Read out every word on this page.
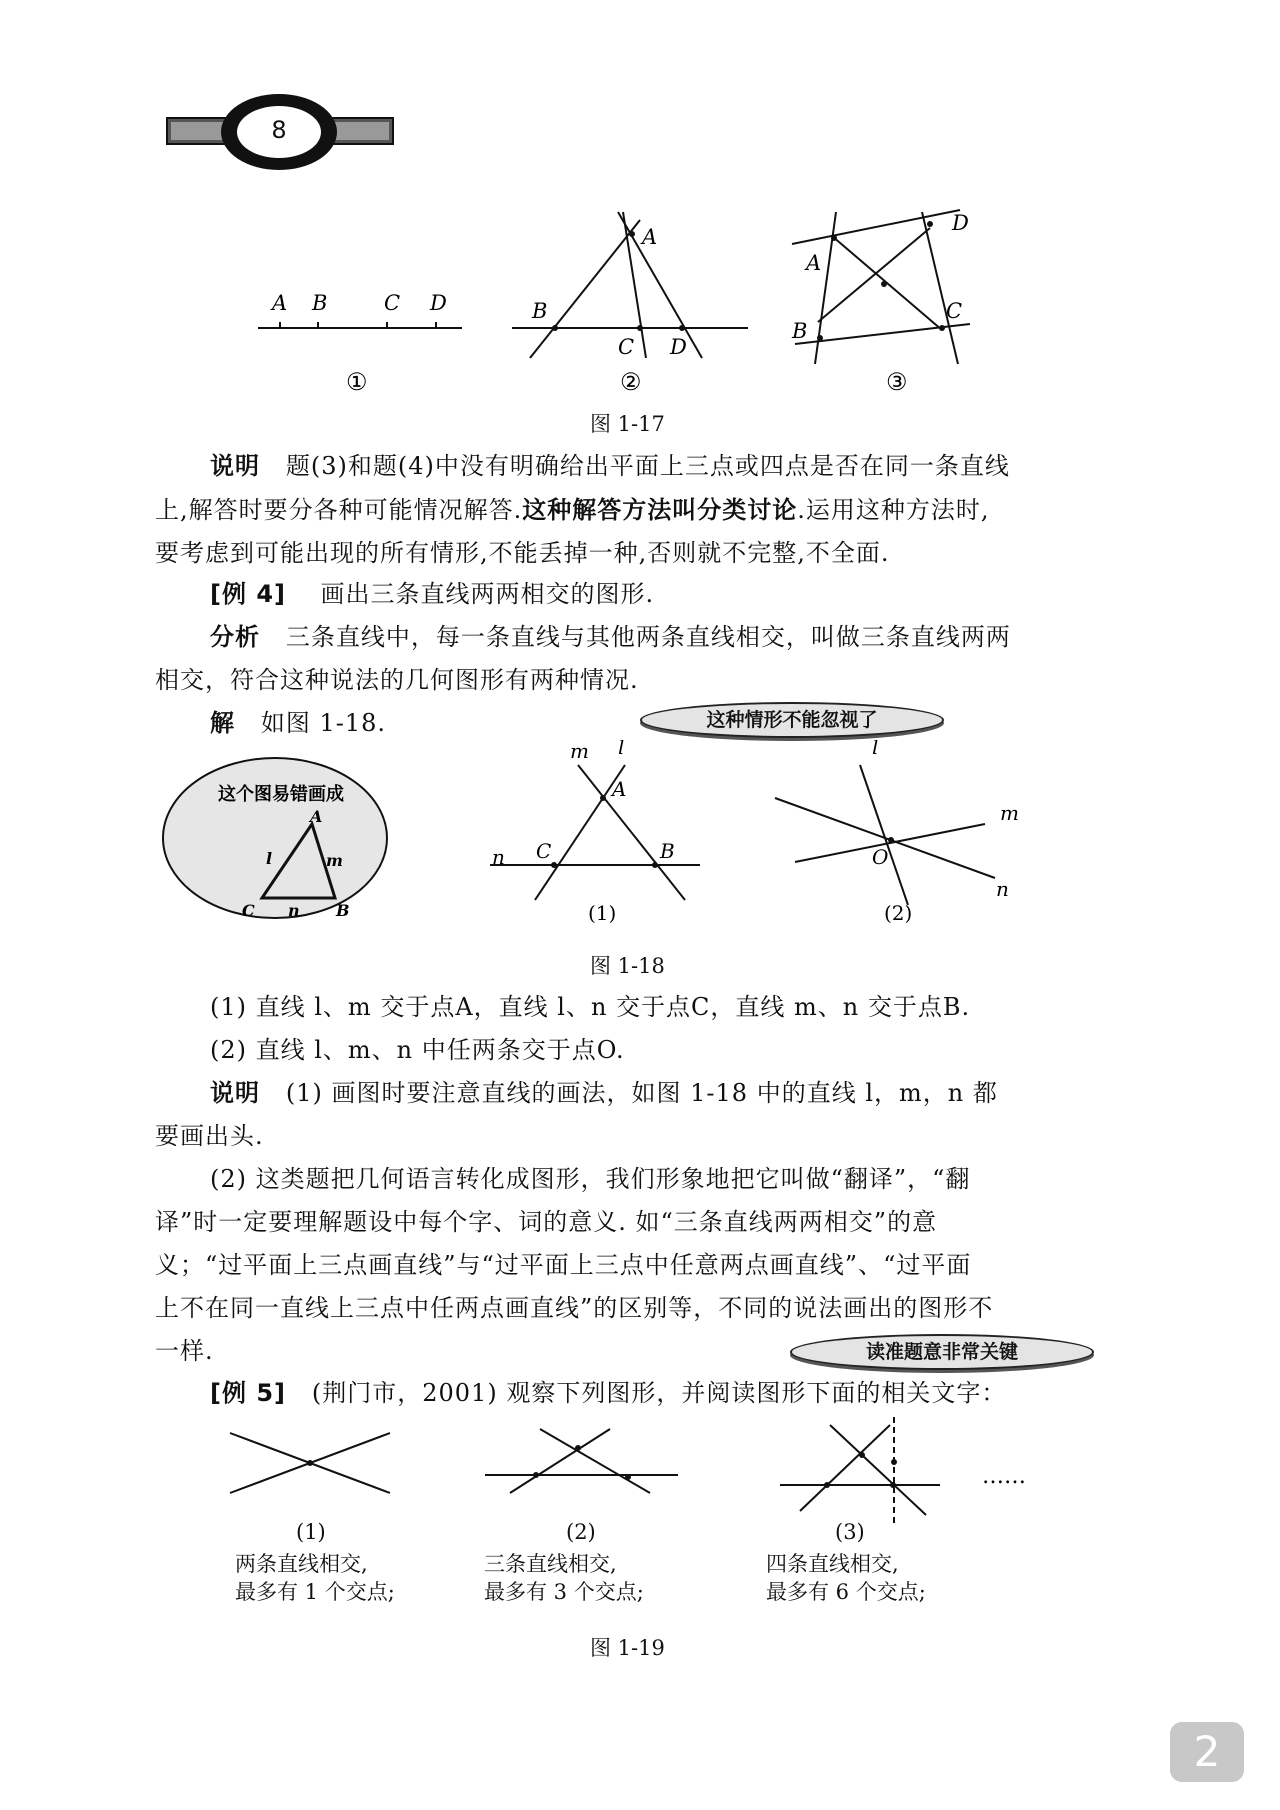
8
A B	C D
A
B
C D
A
B
C
D
①	②	③
图 1-17
说明 题(3)和题(4)中没有明确给出平面上三点或四点是否在同一条直线
上,解答时要分各种可能情况解答.这种解答方法叫分类讨论.运用这种方法时,
要考虑到可能出现的所有情形,不能丢掉一种,否则就不完整,不全面.
[例 4] 画出三条直线两两相交的图形.
分析 三条直线中，每一条直线与其他两条直线相交，叫做三条直线两两
相交，符合这种说法的几何图形有两种情况.
解 如图 1-18.	这种情形不能忽视了
A
B
C
l	m
n
这个图易错画成
m l
A
B
C
n
(1)
l
m
O
n
(2)
图 1-18
(1) 直线 l、m 交于点A，直线 l、n 交于点C，直线 m、n 交于点B.
(2) 直线 l、m、n 中任两条交于点O.
说明 (1) 画图时要注意直线的画法，如图 1-18 中的直线 l，m，n 都
要画出头.
(2) 这类题把几何语言转化成图形，我们形象地把它叫做“翻译”，“翻
译”时一定要理解题设中每个字、词的意义. 如“三条直线两两相交”的意
义；“过平面上三点画直线”与“过平面上三点中任意两点画直线”、“过平面
上不在同一直线上三点中任两点画直线”的区别等，不同的说法画出的图形不
一样.	读准题意非常关键
[例 5] (荆门市，2001) 观察下列图形，并阅读图形下面的相关文字：
……
(1)	(2)	(3)
两条直线相交,
最多有 1 个交点;
三条直线相交,
最多有 3 个交点;
四条直线相交,
最多有 6 个交点;
图 1-19
2
